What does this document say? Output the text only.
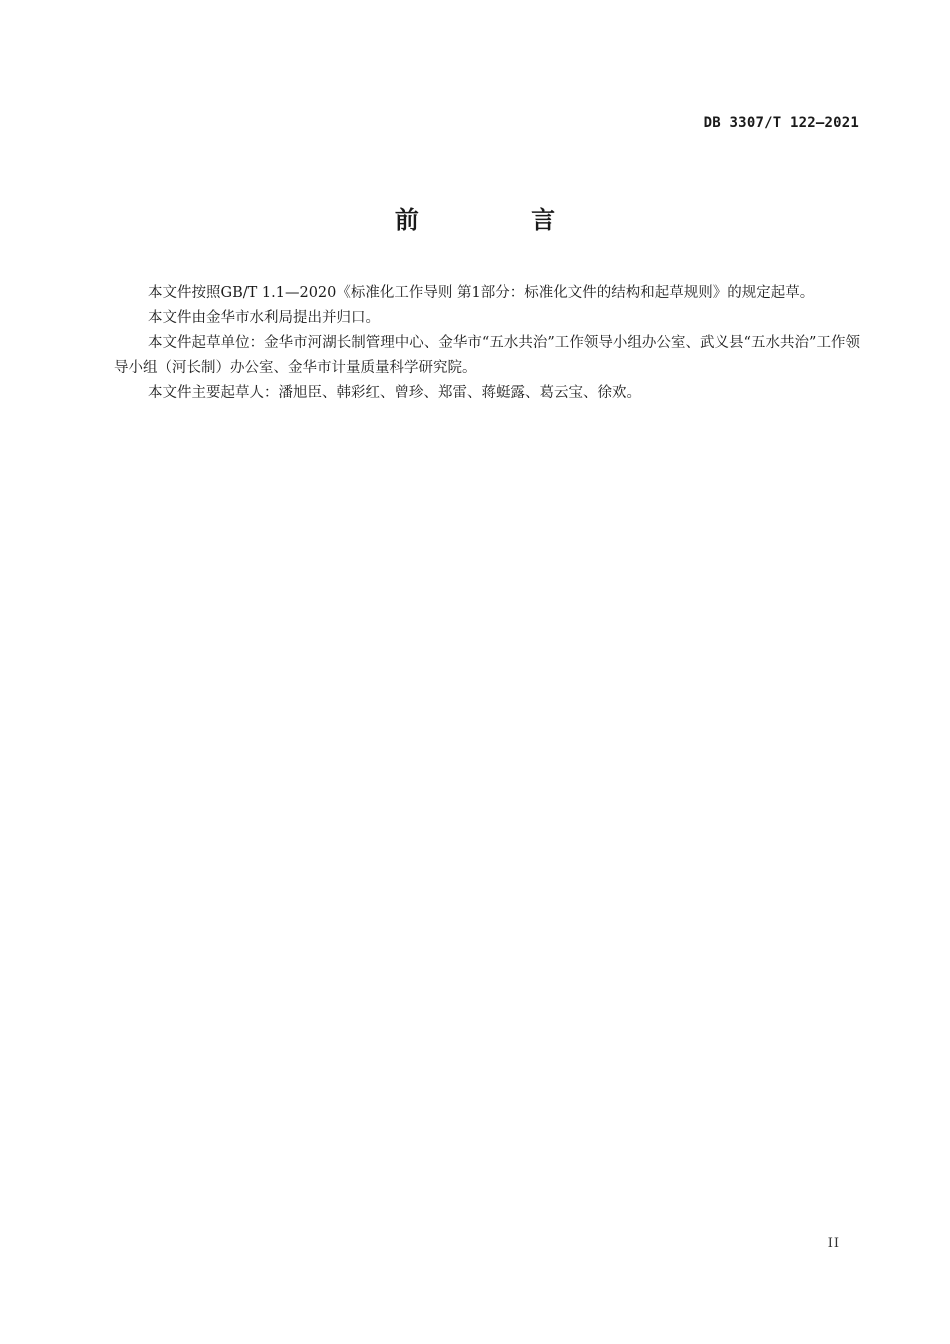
DB 3307/T 122—2021
前 言

本文件按照GB/T 1.1—2020《标准化工作导则 第1部分：标准化文件的结构和起草规则》的规定起草。

本文件由金华市水利局提出并归口。

本文件起草单位：金华市河湖长制管理中心、金华市“五水共治”工作领导小组办公室、武义县“五水共治”工作领导小组（河长制）办公室、金华市计量质量科学研究院。

本文件主要起草人：潘旭臣、韩彩红、曾珍、郑雷、蒋蜓露、葛云宝、徐欢。

II
